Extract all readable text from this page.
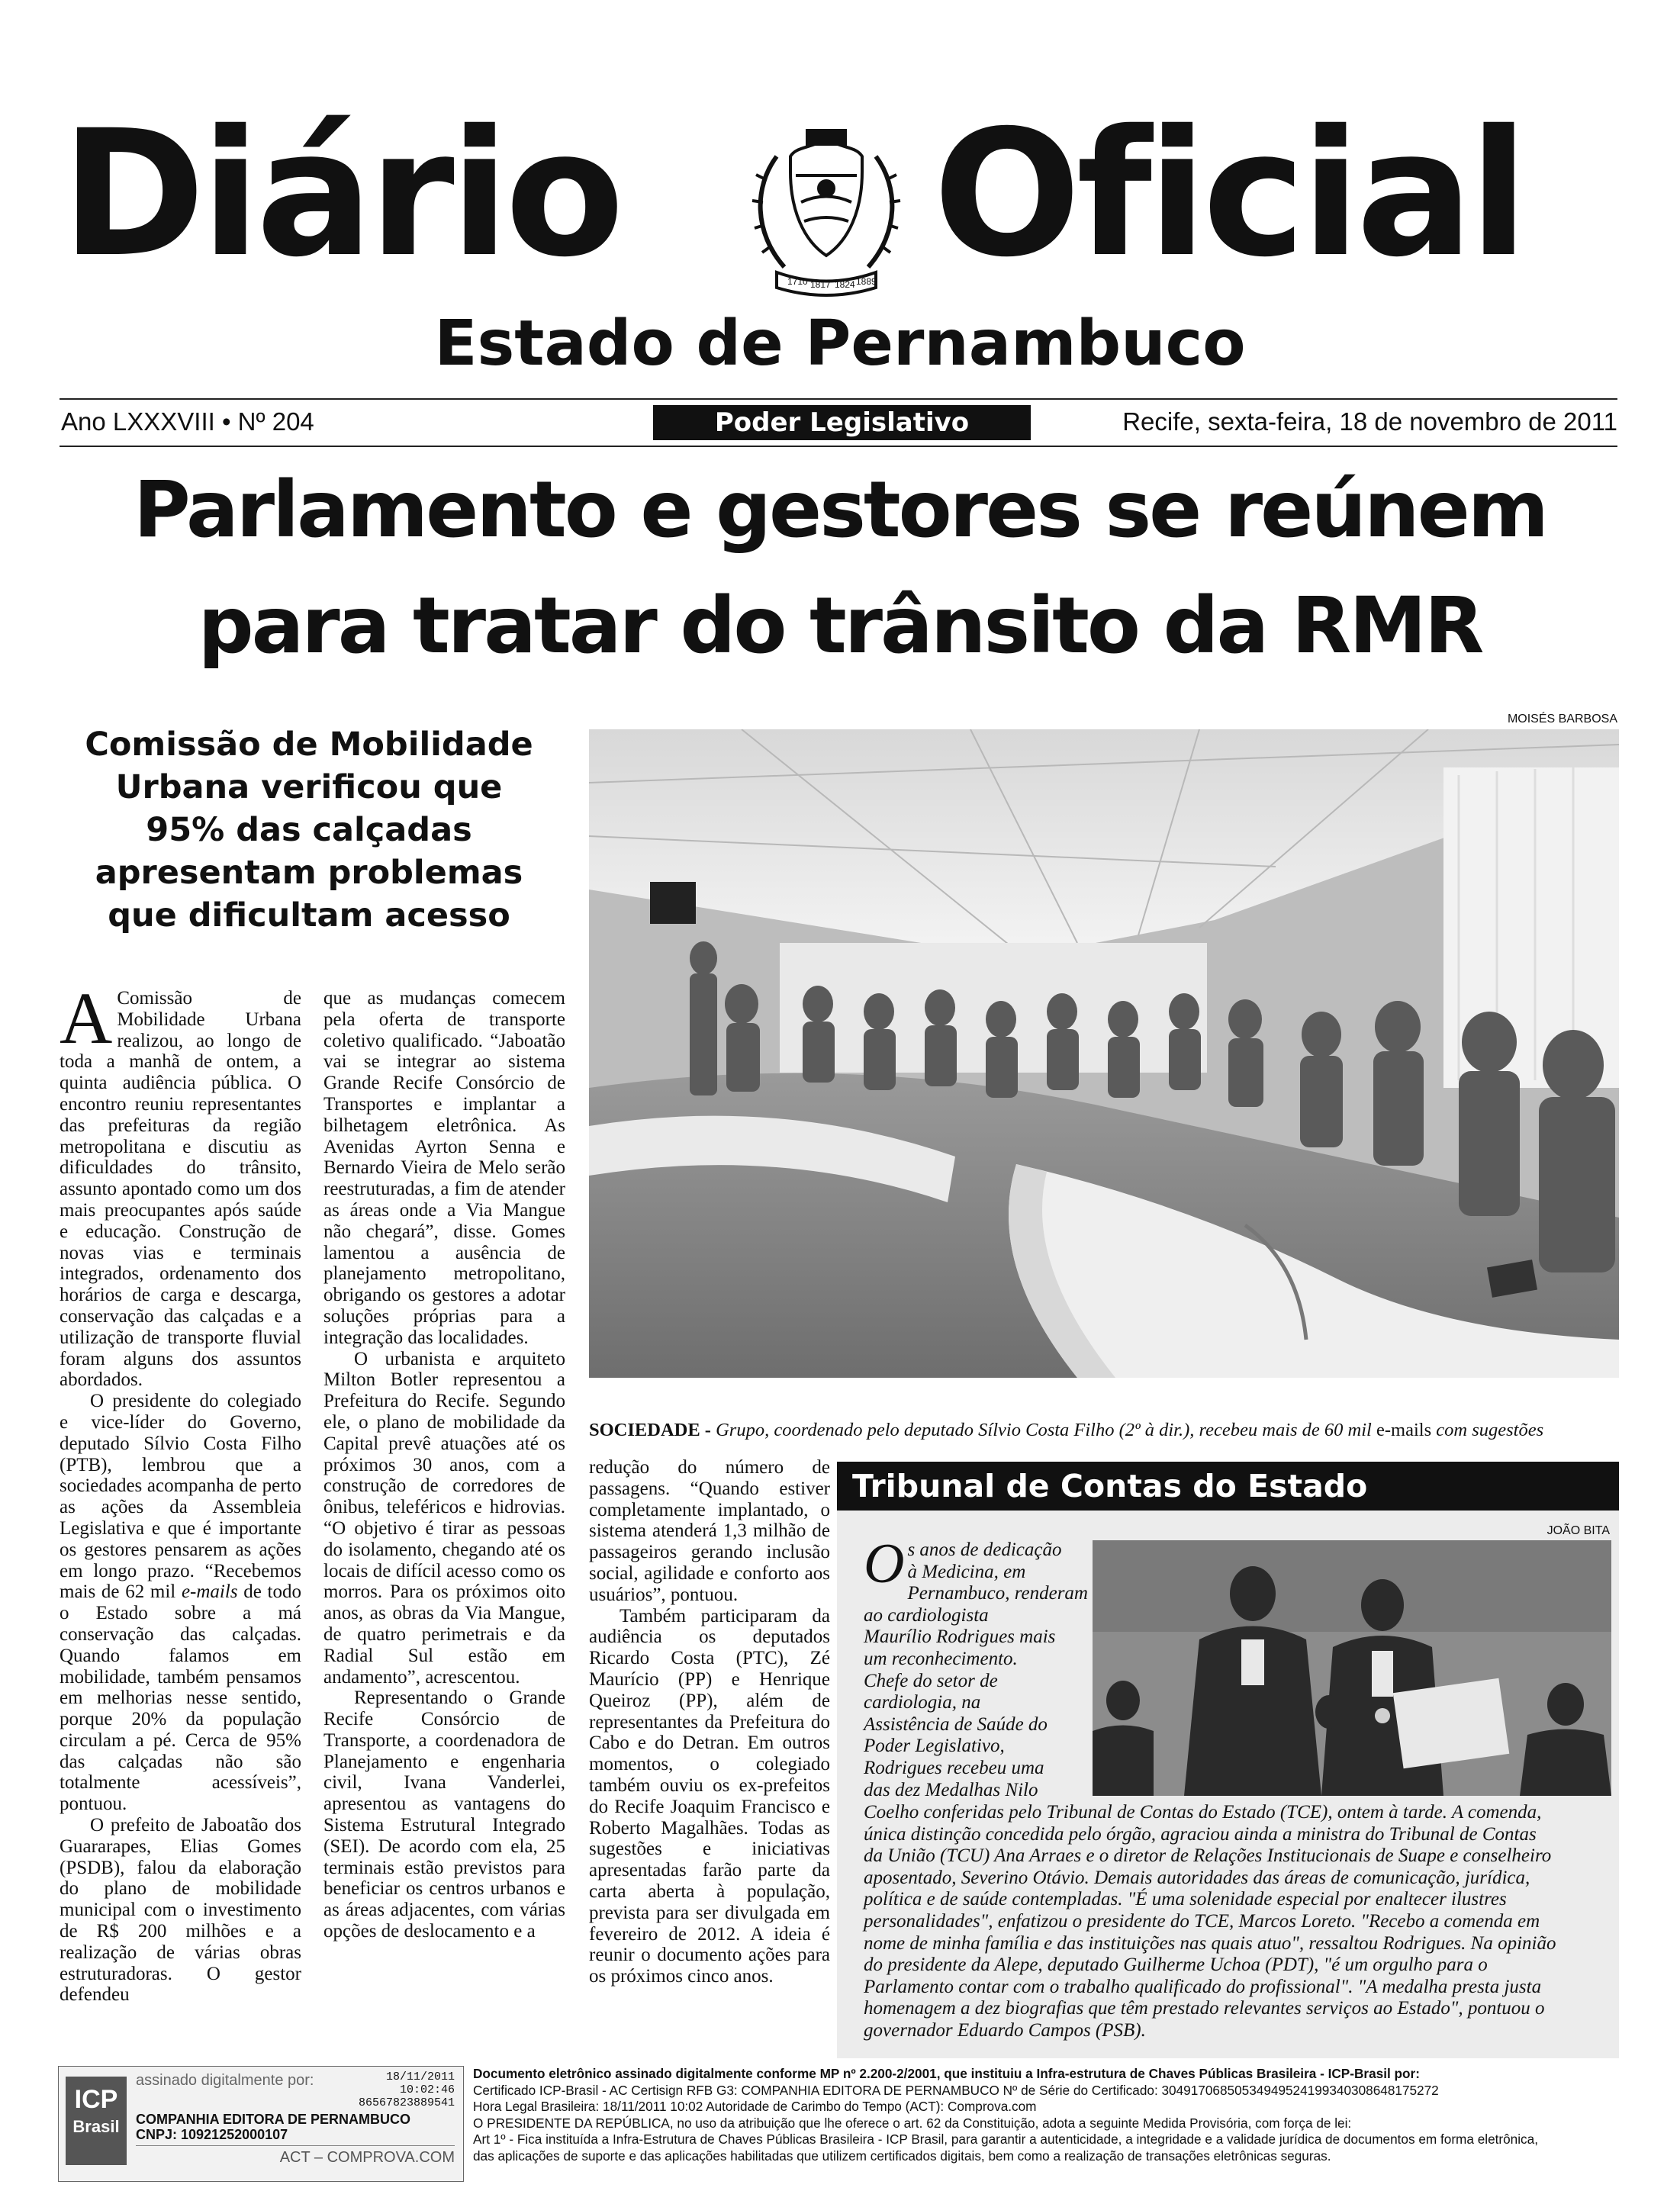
Diário	1710 1817 1824 1889 Oficial
Estado de Pernambuco
Ano LXXXVIII • Nº 204	Poder Legislativo	Recife, sexta-feira, 18 de novembro de 2011
Parlamento e gestores se reúnem
para tratar do trânsito da RMR
Comissão de Mobilidade
Urbana verificou que
95% das calçadas
apresentam problemas
que dificultam acesso

A Comissão de Mobilidade Urbana realizou, ao longo de toda a manhã de ontem, a quinta audiência pública. O encontro reuniu representantes das prefeituras da região metropolitana e discutiu as dificuldades do trânsito, assunto apontado como um dos mais preocupantes após saúde e educação. Construção de novas vias e terminais integrados, ordenamento dos horários de carga e descarga, conservação das calçadas e a utilização de transporte fluvial foram alguns dos assuntos abordados.

O presidente do colegiado e vice-líder do Governo, deputado Sílvio Costa Filho (PTB), lembrou que a sociedades acompanha de perto as ações da Assembleia Legislativa e que é importante os gestores pensarem as ações em longo prazo. “Recebemos mais de 62 mil e-mails de todo o Estado sobre a má conservação das calçadas. Quando falamos em mobilidade, também pensamos em melhorias nesse sentido, porque 20% da população circulam a pé. Cerca de 95% das calçadas não são totalmente acessíveis”, pontuou.

O prefeito de Jaboatão dos Guararapes, Elias Gomes (PSDB), falou da elaboração do plano de mobilidade municipal com o investimento de R$ 200 milhões e a realização de várias obras estruturadoras. O gestor defendeu

que as mudanças comecem pela oferta de transporte coletivo qualificado. “Jaboatão vai se integrar ao sistema Grande Recife Consórcio de Transportes e implantar a bilhetagem eletrônica. As Avenidas Ayrton Senna e Bernardo Vieira de Melo serão reestruturadas, a fim de atender as áreas onde a Via Mangue não chegará”, disse. Gomes lamentou a ausência de planejamento metropolitano, obrigando os gestores a adotar soluções próprias para a integração das localidades.

O urbanista e arquiteto Milton Botler representou a Prefeitura do Recife. Segundo ele, o plano de mobilidade da Capital prevê atuações até os próximos 30 anos, com a construção de corredores de ônibus, teleféricos e hidrovias. “O objetivo é tirar as pessoas do isolamento, chegando até os locais de difícil acesso como os morros. Para os próximos oito anos, as obras da Via Mangue, de quatro perimetrais e da Radial Sul estão em andamento”, acrescentou.

Representando o Grande Recife Consórcio de Transporte, a coordenadora de Planejamento e engenharia civil, Ivana Vanderlei, apresentou as vantagens do Sistema Estrutural Integrado (SEI). De acordo com ela, 25 terminais estão previstos para beneficiar os centros urbanos e as áreas adjacentes, com várias opções de deslocamento e a

MOISÉS BARBOSA
SOCIEDADE - Grupo, coordenado pelo deputado Sílvio Costa Filho (2º à dir.), recebeu mais de 60 mil e-mails com sugestões

redução do número de passagens. “Quando estiver completamente implantado, o sistema atenderá 1,3 milhão de passageiros gerando inclusão social, agilidade e conforto aos usuários”, pontuou.

Também participaram da audiência os deputados Ricardo Costa (PTC), Zé Maurício (PP) e Henrique Queiroz (PP), além de representantes da Prefeitura do Cabo e do Detran. Em outros momentos, o colegiado também ouviu os ex-prefeitos do Recife Joaquim Francisco e Roberto Magalhães. Todas as sugestões e iniciativas apresentadas farão parte da carta aberta à população, prevista para ser divulgada em fevereiro de 2012. A ideia é reunir o documento ações para os próximos cinco anos.

Tribunal de Contas do Estado
JOÃO BITA
O s anos de dedicação
à Medicina, em
Pernambuco, renderam
ao cardiologista
Maurílio Rodrigues mais
um reconhecimento.
Chefe do setor de
cardiologia, na
Assistência de Saúde do
Poder Legislativo,
Rodrigues recebeu uma
das dez Medalhas Nilo
Coelho conferidas pelo Tribunal de Contas do Estado (TCE), ontem à tarde. A comenda,
única distinção concedida pelo órgão, agraciou ainda a ministra do Tribunal de Contas
da União (TCU) Ana Arraes e o diretor de Relações Institucionais de Suape e conselheiro
aposentado, Severino Otávio. Demais autoridades das áreas de comunicação, jurídica,
política e de saúde contempladas. "É uma solenidade especial por enaltecer ilustres
personalidades", enfatizou o presidente do TCE, Marcos Loreto. "Recebo a comenda em
nome de minha família e das instituições nas quais atuo", ressaltou Rodrigues. Na opinião
do presidente da Alepe, deputado Guilherme Uchoa (PDT), "é um orgulho para o
Parlamento contar com o trabalho qualificado do profissional". "A medalha presta justa
homenagem a dez biografias que têm prestado relevantes serviços ao Estado", pontuou o
governador Eduardo Campos (PSB).
ICP
Brasil
assinado digitalmente por:	18/11/2011
10:02:46
86567823889541
COMPANHIA EDITORA DE PERNAMBUCO
CNPJ: 10921252000107
ACT – COMPROVA.COM
Documento eletrônico assinado digitalmente conforme MP nº 2.200-2/2001, que instituiu a Infra-estrutura de Chaves Públicas Brasileira - ICP-Brasil por:
Certificado ICP-Brasil - AC Certisign RFB G3: COMPANHIA EDITORA DE PERNAMBUCO Nº de Série do Certificado: 3049170685053494952419934030864817527​2
Hora Legal Brasileira: 18/11/2011 10:02 Autoridade de Carimbo do Tempo (ACT): Comprova.com
O PRESIDENTE DA REPÚBLICA, no uso da atribuição que lhe oferece o art. 62 da Constituição, adota a seguinte Medida Provisória, com força de lei:
Art 1º - Fica instituída a Infra-Estrutura de Chaves Públicas Brasileira - ICP Brasil, para garantir a autenticidade, a integridade e a validade jurídica de documentos em forma eletrônica,
das aplicações de suporte e das aplicações habilitadas que utilizem certificados digitais, bem como a realização de transações eletrônicas seguras.
